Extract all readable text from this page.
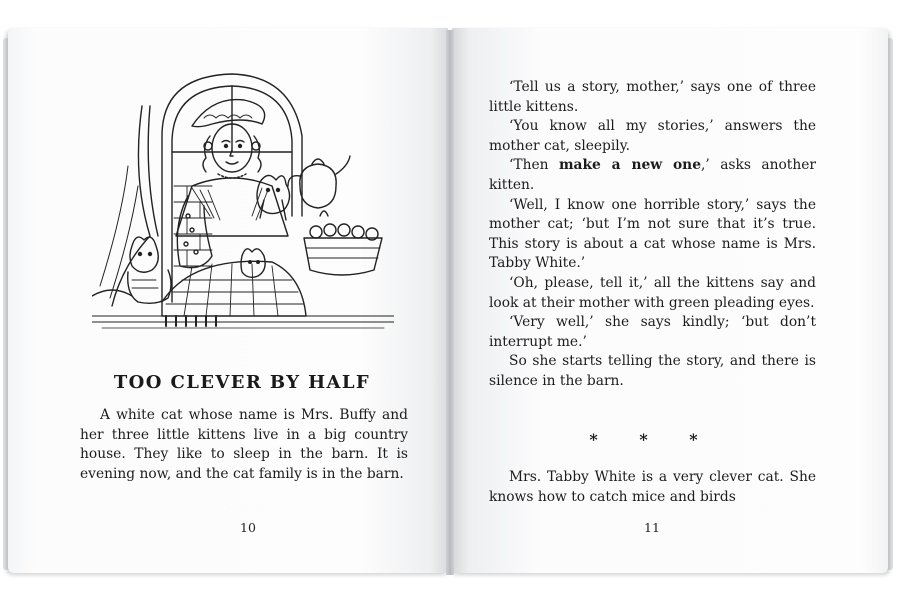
TOO CLEVER BY HALF

A white cat whose name is Mrs. Buffy and her three little kittens live in a big country house. They like to sleep in the barn. It is evening now, and the cat family is in the barn.

10

‘Tell us a story, mother,’ says one of three little kittens.

‘You know all my stories,’ answers the mother cat, sleepily.

‘Then make a new one,’ asks another kitten.

‘Well, I know one horrible story,’ says the mother cat; ‘but I’m not sure that it’s true. This story is about a cat whose name is Mrs. Tabby White.’

‘Oh, please, tell it,’ all the kittens say and look at their mother with green pleading eyes.

‘Very well,’ she says kindly; ‘but don’t interrupt me.’

So she starts telling the story, and there is silence in the barn.

* * *

Mrs. Tabby White is a very clever cat. She knows how to catch mice and birds

11
